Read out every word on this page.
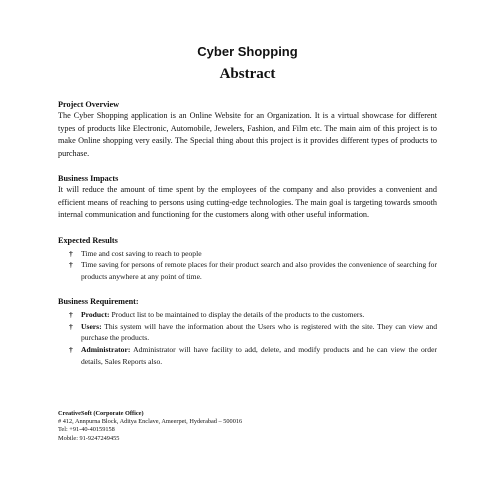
Cyber Shopping
Abstract
Project Overview

The Cyber Shopping application is an Online Website for an Organization. It is a virtual showcase for different types of products like Electronic, Automobile, Jewelers, Fashion, and Film etc. The main aim of this project is to make Online shopping very easily. The Special thing about this project is it provides different types of products to purchase.

Business Impacts

It will reduce the amount of time spent by the employees of the company and also provides a convenient and efficient means of reaching to persons using cutting-edge technologies. The main goal is targeting towards smooth internal communication and functioning for the customers along with other useful information.

Expected Results
† Time and cost saving to reach to people
† Time saving for persons of remote places for their product search and also provides the convenience of searching for products anywhere at any point of time.
Business Requirement:
† Product: Product list to be maintained to display the details of the products to the customers.
† Users: This system will have the information about the Users who is registered with the site. They can view and purchase the products.
† Administrator: Administrator will have facility to add, delete, and modify products and he can view the order details, Sales Reports also.
CreativeSoft (Corporate Office)
# 412, Annpurna Block, Aditya Enclave, Ameerpet, Hyderabad – 500016
Tel: +91-40-40159158
Mobile: 91-9247249455
